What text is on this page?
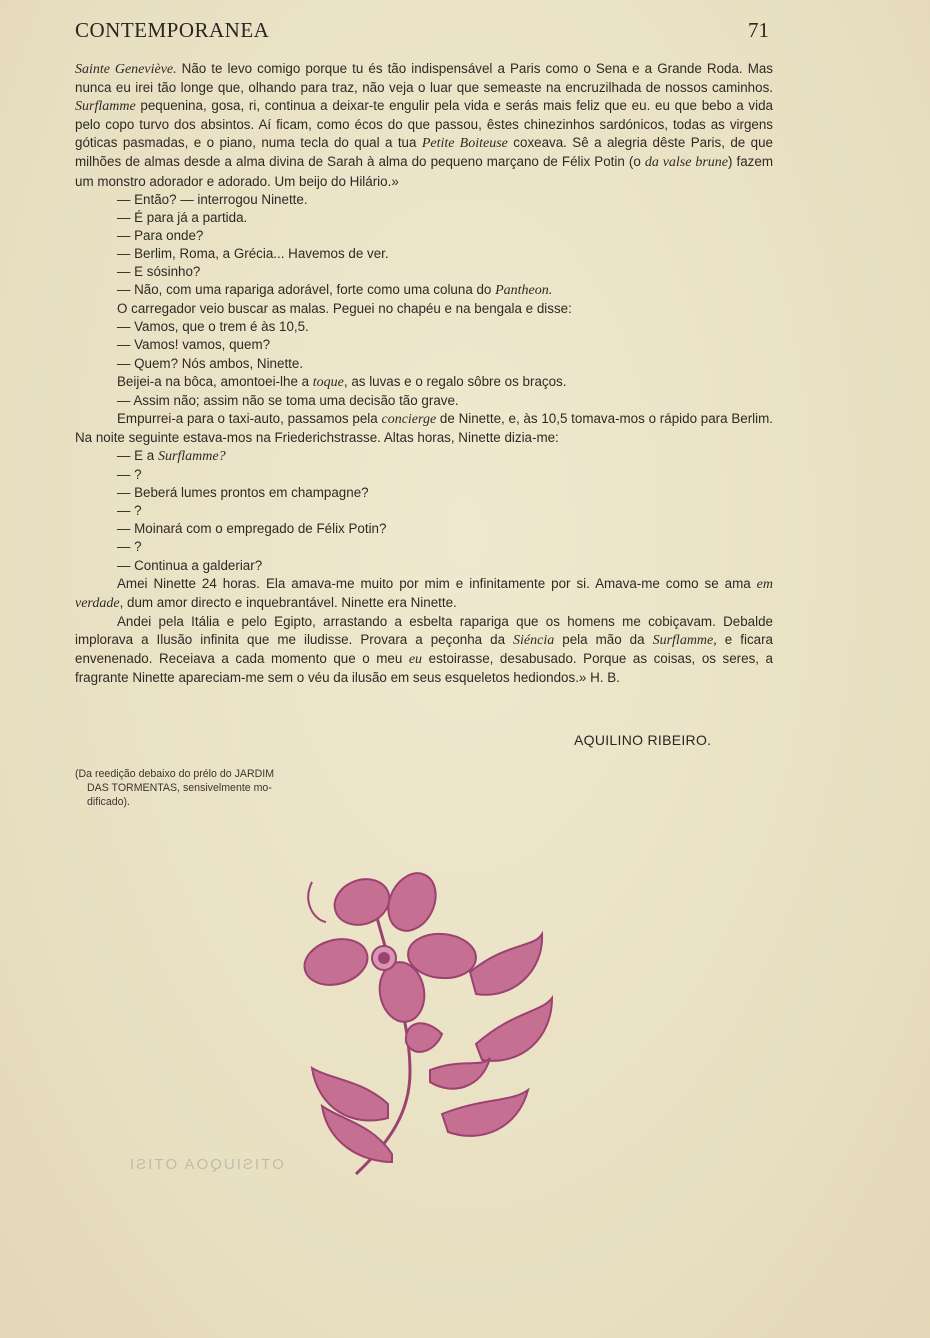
CONTEMPORANEA	71

Sainte Geneviève. Não te levo comigo porque tu és tão indispensável a Paris como o Sena e a Grande Roda. Mas nunca eu irei tão longe que, olhando para traz, não veja o luar que semeaste na encruzilhada de nossos caminhos. Surflamme pequenina, gosa, ri, continua a deixar-te engulir pela vida e serás mais feliz que eu. eu que bebo a vida pelo copo turvo dos absintos. Aí ficam, como écos do que passou, êstes chinezinhos sardónicos, todas as virgens góticas pasmadas, e o piano, numa tecla do qual a tua Petite Boiteuse coxeava. Sê a alegria dêste Paris, de que milhões de almas desde a alma divina de Sarah à alma do pequeno marçano de Félix Potin (o da valse brune) fazem um monstro adorador e adorado. Um beijo do Hilário.»

— Então? — interrogou Ninette.

— É para já a partida.

— Para onde?

— Berlim, Roma, a Grécia... Havemos de ver.

— E sósinho?

— Não, com uma rapariga adorável, forte como uma coluna do Pantheon.

O carregador veio buscar as malas. Peguei no chapéu e na bengala e disse:

— Vamos, que o trem é às 10,5.

— Vamos! vamos, quem?

— Quem? Nós ambos, Ninette.

Beijei-a na bôca, amontoei-lhe a toque, as luvas e o regalo sôbre os braços.

— Assim não; assim não se toma uma decisão tão grave.

Empurrei-a para o taxi-auto, passamos pela concierge de Ninette, e, às 10,5 tomava-mos o rápido para Berlim. Na noite seguinte estava-mos na Friederichstrasse. Altas horas, Ninette dizia-me:

— E a Surflamme?

— ?

— Beberá lumes prontos em champagne?

— ?

— Moinará com o empregado de Félix Potin?

— ?

— Continua a galderiar?

Amei Ninette 24 horas. Ela amava-me muito por mim e infinitamente por si. Amava-me como se ama em verdade, dum amor directo e inquebrantável. Ninette era Ninette.

Andei pela Itália e pelo Egipto, arrastando a esbelta rapariga que os homens me cobiçavam. Debalde implorava a Ilusão infinita que me iludisse. Provara a peçonha da Siéncia pela mão da Surflamme, e ficara envenenado. Receiava a cada momento que o meu eu estoirasse, desabusado. Porque as coisas, os seres, a fragrante Ninette apareciam-me sem o véu da ilusão em seus esqueletos hediondos.» H. B.

AQUILINO RIBEIRO.
(Da reedição debaixo do prélo do JARDIM
DAS TORMENTAS, sensivelmente mo-
dificado).
OTISIUQOA OTISI
